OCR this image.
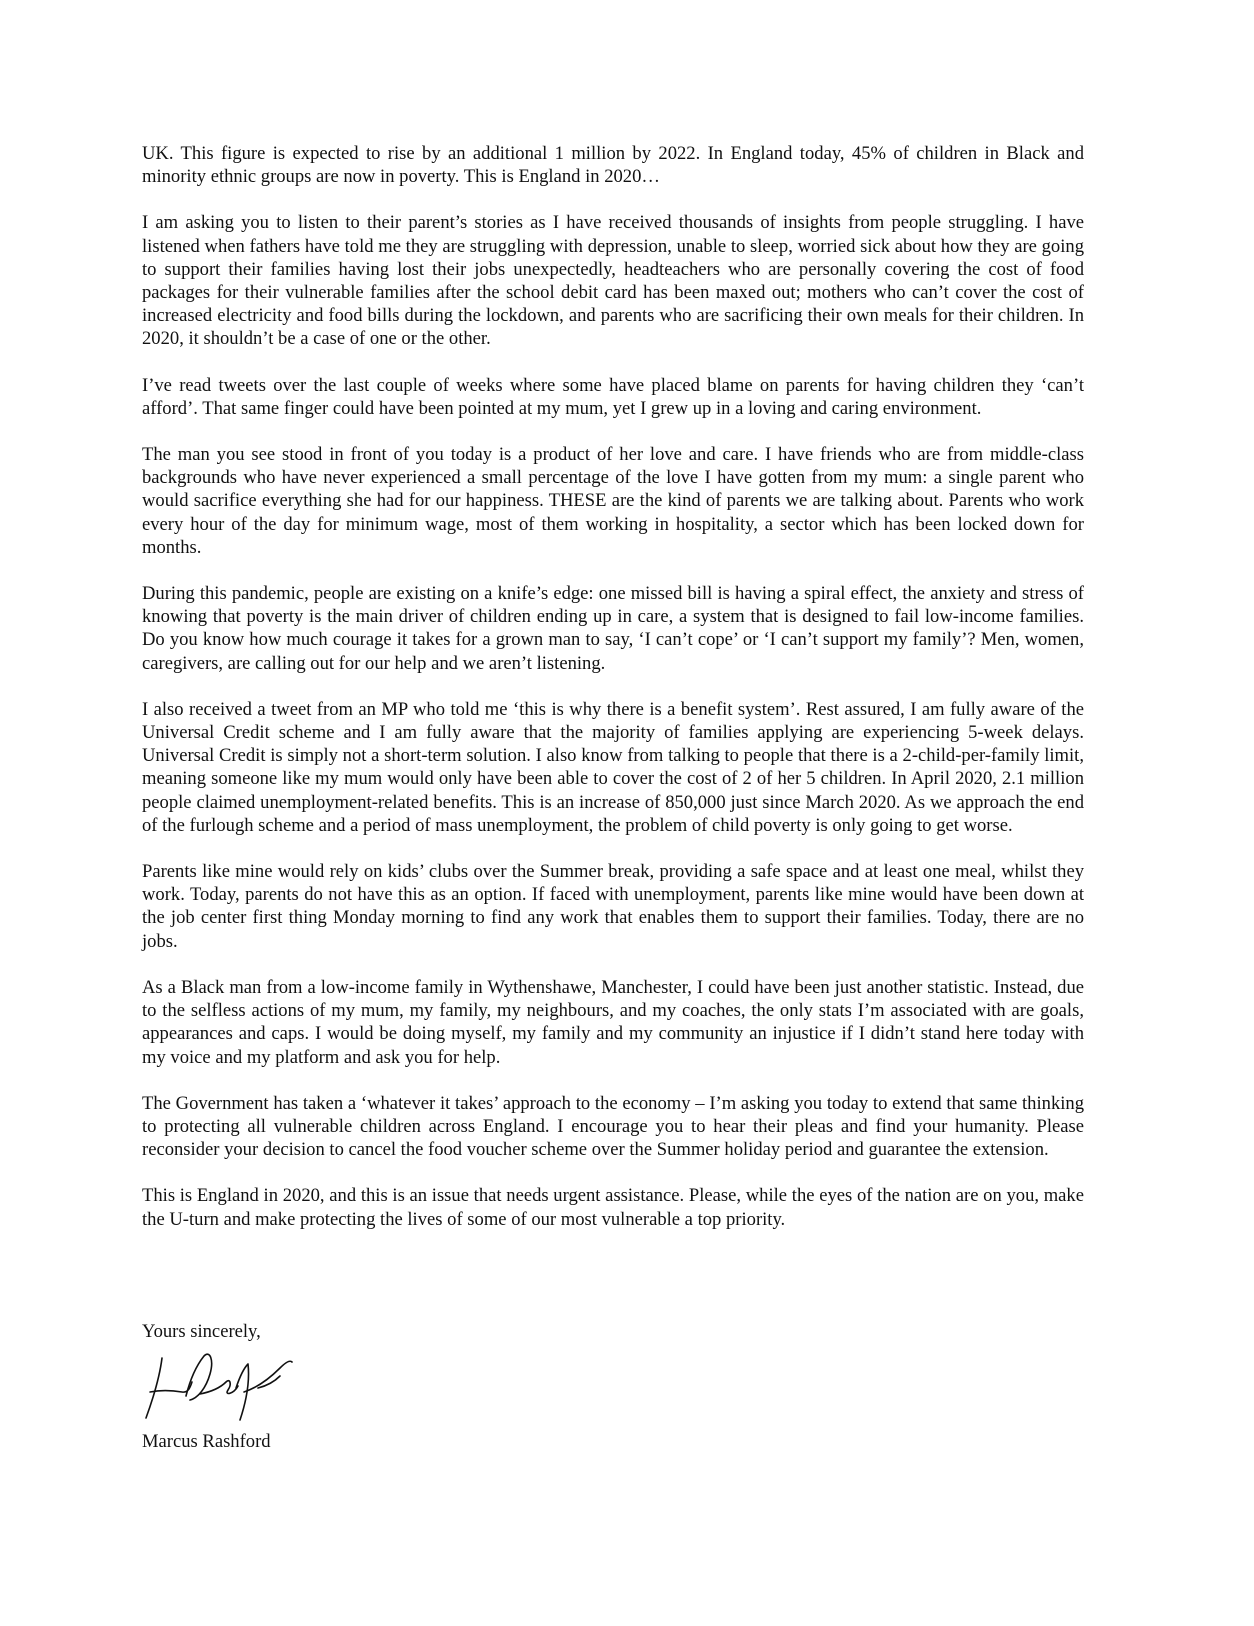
UK. This figure is expected to rise by an additional 1 million by 2022. In England today, 45% of children in Black and minority ethnic groups are now in poverty. This is England in 2020…

I am asking you to listen to their parent’s stories as I have received thousands of insights from people struggling. I have listened when fathers have told me they are struggling with depression, unable to sleep, worried sick about how they are going to support their families having lost their jobs unexpectedly, headteachers who are personally covering the cost of food packages for their vulnerable families after the school debit card has been maxed out; mothers who can’t cover the cost of increased electricity and food bills during the lockdown, and parents who are sacrificing their own meals for their children. In 2020, it shouldn’t be a case of one or the other.

I’ve read tweets over the last couple of weeks where some have placed blame on parents for having children they ‘can’t afford’. That same finger could have been pointed at my mum, yet I grew up in a loving and caring environment.

The man you see stood in front of you today is a product of her love and care. I have friends who are from middle-class backgrounds who have never experienced a small percentage of the love I have gotten from my mum: a single parent who would sacrifice everything she had for our happiness. THESE are the kind of parents we are talking about. Parents who work every hour of the day for minimum wage, most of them working in hospitality, a sector which has been locked down for months.

During this pandemic, people are existing on a knife’s edge: one missed bill is having a spiral effect, the anxiety and stress of knowing that poverty is the main driver of children ending up in care, a system that is designed to fail low-income families. Do you know how much courage it takes for a grown man to say, ‘I can’t cope’ or ‘I can’t support my family’? Men, women, caregivers, are calling out for our help and we aren’t listening.

I also received a tweet from an MP who told me ‘this is why there is a benefit system’. Rest assured, I am fully aware of the Universal Credit scheme and I am fully aware that the majority of families applying are experiencing 5-week delays. Universal Credit is simply not a short-term solution. I also know from talking to people that there is a 2-child-per-family limit, meaning someone like my mum would only have been able to cover the cost of 2 of her 5 children. In April 2020, 2.1 million people claimed unemployment-related benefits. This is an increase of 850,000 just since March 2020. As we approach the end of the furlough scheme and a period of mass unemployment, the problem of child poverty is only going to get worse.

Parents like mine would rely on kids’ clubs over the Summer break, providing a safe space and at least one meal, whilst they work. Today, parents do not have this as an option. If faced with unemployment, parents like mine would have been down at the job center first thing Monday morning to find any work that enables them to support their families. Today, there are no jobs.

As a Black man from a low-income family in Wythenshawe, Manchester, I could have been just another statistic. Instead, due to the selfless actions of my mum, my family, my neighbours, and my coaches, the only stats I’m associated with are goals, appearances and caps. I would be doing myself, my family and my community an injustice if I didn’t stand here today with my voice and my platform and ask you for help.

The Government has taken a ‘whatever it takes’ approach to the economy – I’m asking you today to extend that same thinking to protecting all vulnerable children across England. I encourage you to hear their pleas and find your humanity. Please reconsider your decision to cancel the food voucher scheme over the Summer holiday period and guarantee the extension.

This is England in 2020, and this is an issue that needs urgent assistance. Please, while the eyes of the nation are on you, make the U-turn and make protecting the lives of some of our most vulnerable a top priority.

Yours sincerely,
Marcus Rashford
